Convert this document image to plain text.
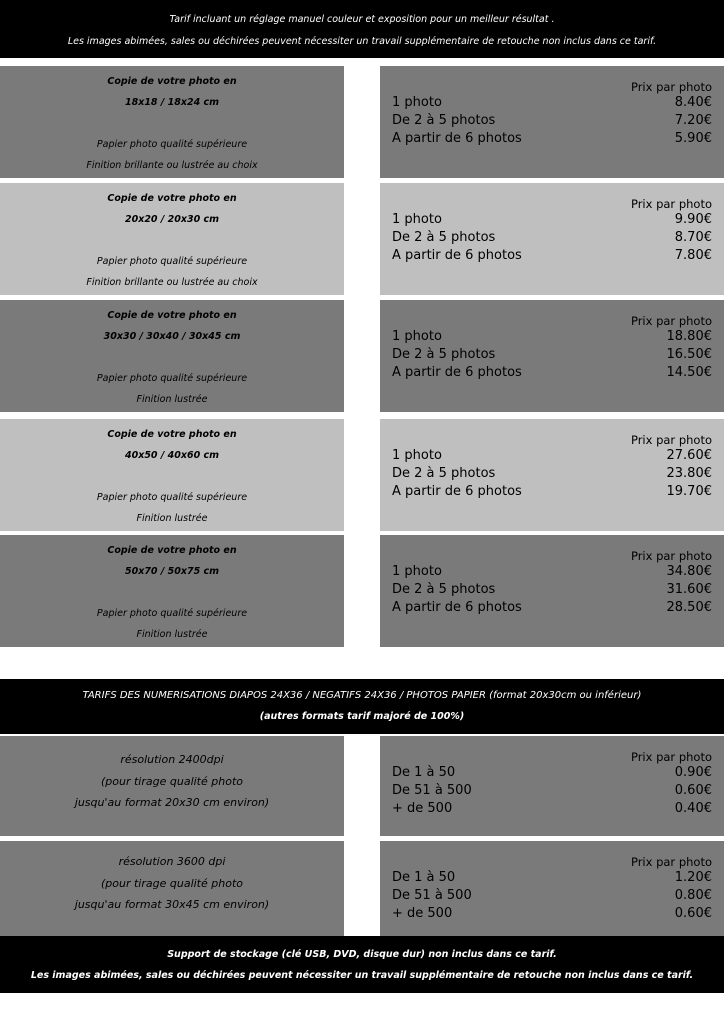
Tarif incluant un réglage manuel couleur et exposition pour un meilleur résultat .
Les images abimées, sales ou déchirées peuvent nécessiter un travail supplémentaire de retouche non inclus dans ce tarif.
Copie de votre photo en
18x18 / 18x24 cm
Papier photo qualité supérieure
Finition brillante ou lustrée au choix
Prix par photo
1 photo	8.40€
De 2 à 5 photos	7.20€
A partir de 6 photos	5.90€
Copie de votre photo en
20x20 / 20x30 cm
Papier photo qualité supérieure
Finition brillante ou lustrée au choix
Prix par photo
1 photo	9.90€
De 2 à 5 photos	8.70€
A partir de 6 photos	7.80€
Copie de votre photo en
30x30 / 30x40 / 30x45 cm
Papier photo qualité supérieure
Finition lustrée
Prix par photo
1 photo	18.80€
De 2 à 5 photos	16.50€
A partir de 6 photos	14.50€
Copie de votre photo en
40x50 / 40x60 cm
Papier photo qualité supérieure
Finition lustrée
Prix par photo
1 photo	27.60€
De 2 à 5 photos	23.80€
A partir de 6 photos	19.70€
Copie de votre photo en
50x70 / 50x75 cm
Papier photo qualité supérieure
Finition lustrée
Prix par photo
1 photo	34.80€
De 2 à 5 photos	31.60€
A partir de 6 photos	28.50€
TARIFS DES NUMERISATIONS DIAPOS 24X36 / NEGATIFS 24X36 / PHOTOS PAPIER (format 20x30cm ou inférieur)
(autres formats tarif majoré de 100%)
résolution 2400dpi
(pour tirage qualité photo
jusqu'au format 20x30 cm environ)
Prix par photo
De 1 à 50	0.90€
De 51 à 500	0.60€
+ de 500	0.40€
résolution 3600 dpi
(pour tirage qualité photo
jusqu'au format 30x45 cm environ)
Prix par photo
De 1 à 50	1.20€
De 51 à 500	0.80€
+ de 500	0.60€
Support de stockage (clé USB, DVD, disque dur) non inclus dans ce tarif.
Les images abimées, sales ou déchirées peuvent nécessiter un travail supplémentaire de retouche non inclus dans ce tarif.
